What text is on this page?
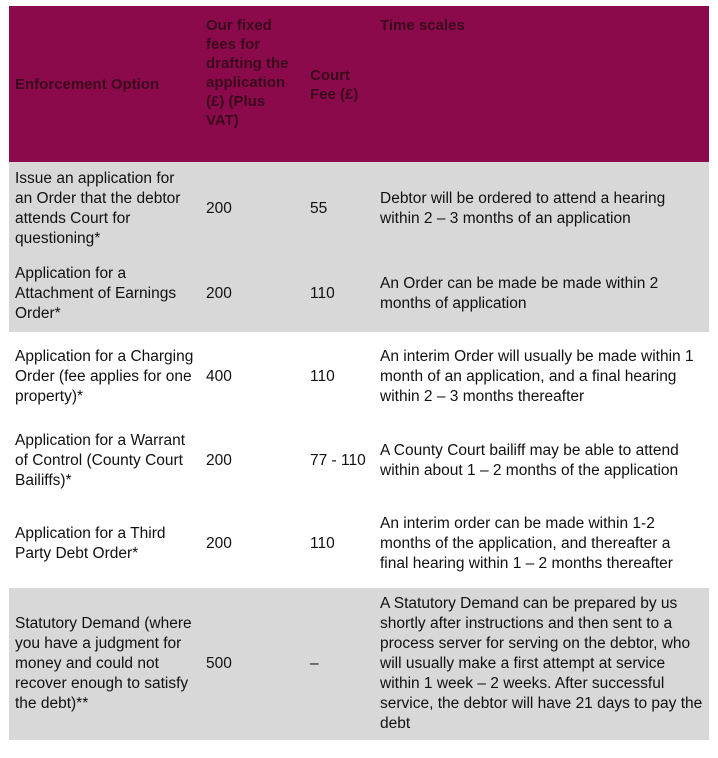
Enforcement Option	Our fixed fees for drafting the application (£) (Plus VAT)	Court Fee (£)	Time scales
Issue an application for an Order that the debtor attends Court for questioning*	200	55	Debtor will be ordered to attend a hearing within 2 – 3 months of an application
Application for a Attachment of Earnings Order*	200	110	An Order can be made be made within 2 months of application
Application for a Charging Order (fee applies for one property)*	400	110	An interim Order will usually be made within 1 month of an application, and a final hearing within 2 – 3 months thereafter
Application for a Warrant of Control (County Court Bailiffs)*	200	77 - 110	A County Court bailiff may be able to attend within about 1 – 2 months of the application
Application for a Third Party Debt Order*	200	110	An interim order can be made within 1-2 months of the application, and thereafter a final hearing within 1 – 2 months thereafter
Statutory Demand (where you have a judgment for money and could not recover enough to satisfy the debt)**	500	–	A Statutory Demand can be prepared by us shortly after instructions and then sent to a process server for serving on the debtor, who will usually make a first attempt at service within 1 week – 2 weeks. After successful service, the debtor will have 21 days to pay the debt
